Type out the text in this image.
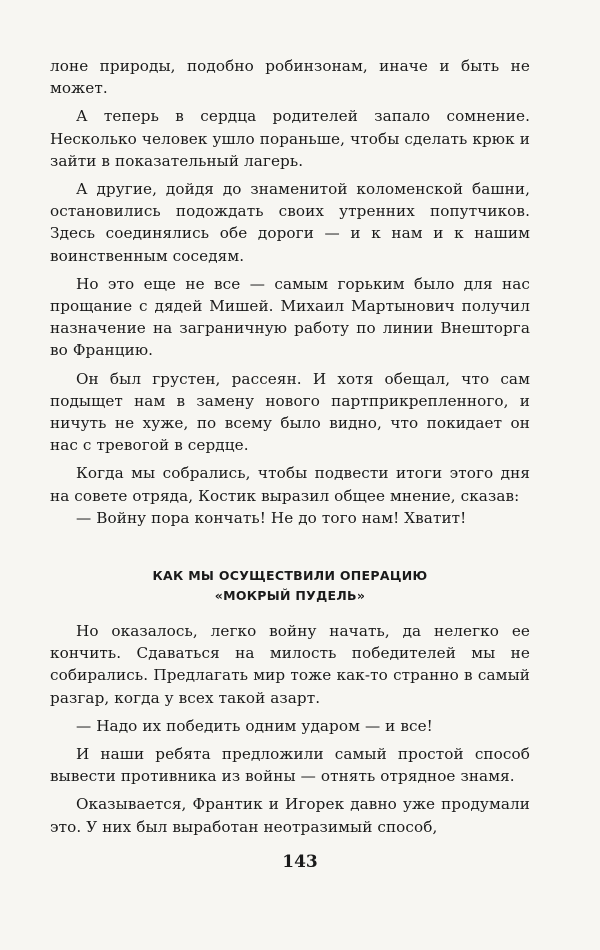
лоне природы, подобно робинзонам, иначе и быть не может.

А теперь в сердца родителей запало сомнение. Несколько человек ушло пораньше, чтобы сделать крюк и зайти в показательный лагерь.

А другие, дойдя до знаменитой коломенской башни, остановились подождать своих утренних попутчиков. Здесь соединялись обе дороги — и к нам и к нашим воинственным соседям.

Но это еще не все — самым горьким было для нас прощание с дядей Мишей. Михаил Мартынович получил назначение на заграничную работу по линии Внешторга во Францию.

Он был грустен, рассеян. И хотя обещал, что сам подыщет нам в замену нового партприкрепленного, и ничуть не хуже, по всему было видно, что покидает он нас с тревогой в сердце.

Когда мы собрались, чтобы подвести итоги этого дня на совете отряда, Костик выразил общее мнение, сказав:

— Войну пора кончать! Не до того нам! Хватит!

КАК МЫ ОСУЩЕСТВИЛИ ОПЕРАЦИЮ
«МОКРЫЙ ПУДЕЛЬ»

Но оказалось, легко войну начать, да нелегко ее кончить. Сдаваться на милость победителей мы не собирались. Предлагать мир тоже как-то странно в самый разгар, когда у всех такой азарт.

— Надо их победить одним ударом — и все!

И наши ребята предложили самый простой способ вывести противника из войны — отнять отрядное знамя.

Оказывается, Франтик и Игорек давно уже продумали это. У них был выработан неотразимый способ,

143
